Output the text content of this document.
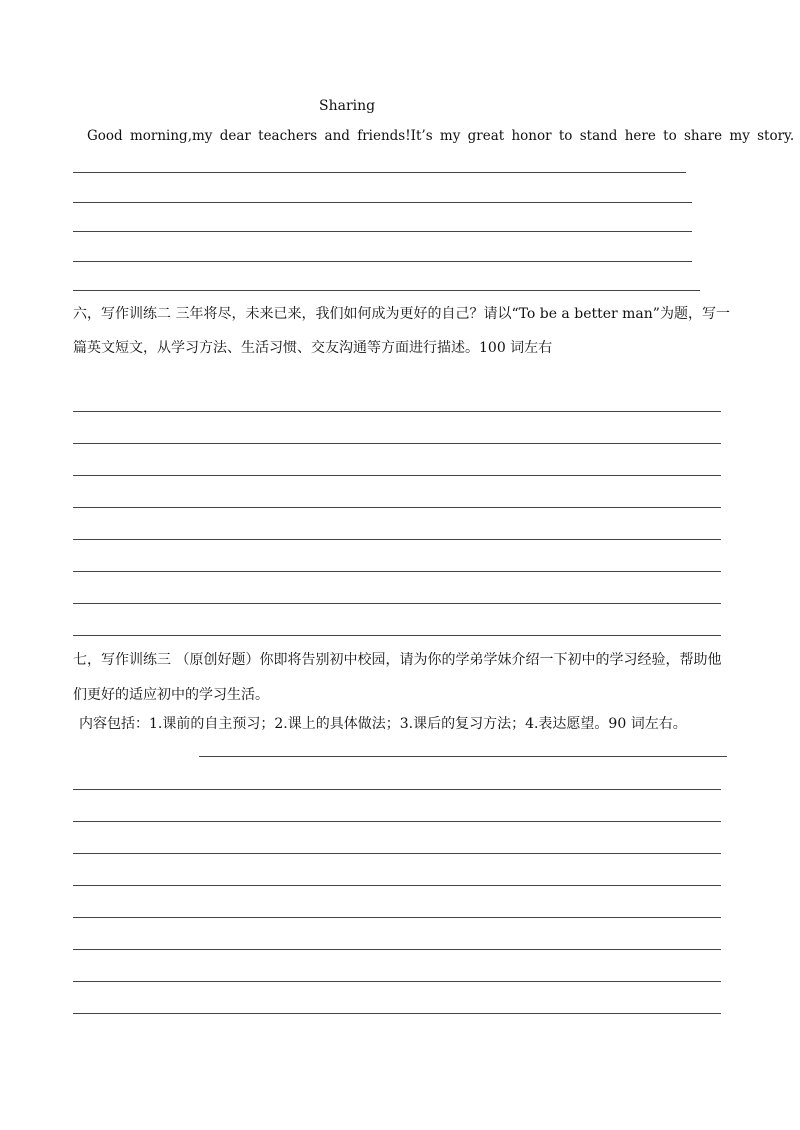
Sharing
Good morning,my dear teachers and friends!It’s my great honor to stand here to share my story.
六，写作训练二 三年将尽，未来已来，我们如何成为更好的自己？请以“To be a better man”为题，写一
篇英文短文，从学习方法、生活习惯、交友沟通等方面进行描述。100 词左右
七，写作训练三 （原创好题）你即将告别初中校园，请为你的学弟学妹介绍一下初中的学习经验，帮助他
们更好的适应初中的学习生活。
内容包括：1.课前的自主预习；2.课上的具体做法；3.课后的复习方法；4.表达愿望。90 词左右。
